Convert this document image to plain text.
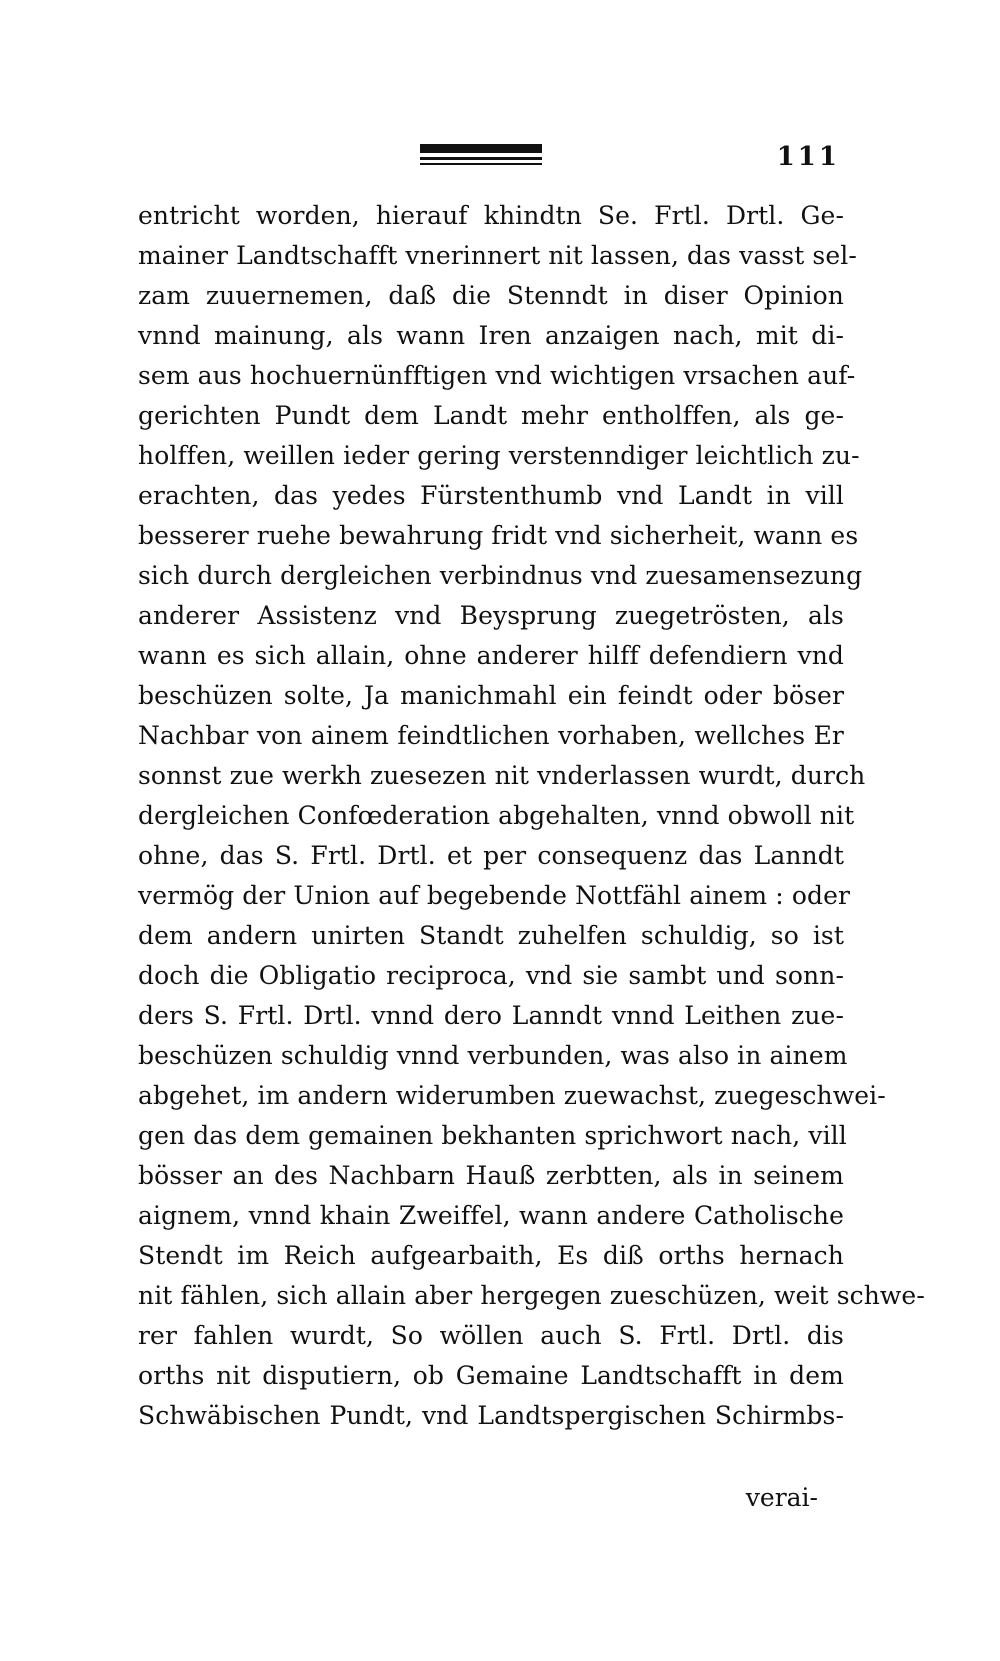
111
entricht worden, hierauf khindtn Se. Frtl. Drtl. Ge-
mainer Landtschafft vnerinnert nit lassen, das vasst sel-
zam zuuernemen, daß die Stenndt in diser Opinion
vnnd mainung, als wann Iren anzaigen nach, mit di-
sem aus hochuernünfftigen vnd wichtigen vrsachen auf-
gerichten Pundt dem Landt mehr entholffen, als ge-
holffen, weillen ieder gering verstenndiger leichtlich zu-
erachten, das yedes Fürstenthumb vnd Landt in vill
besserer ruehe bewahrung fridt vnd sicherheit, wann es
sich durch dergleichen verbindnus vnd zuesamensezung
anderer Assistenz vnd Beysprung zuegetrösten, als
wann es sich allain, ohne anderer hilff defendiern vnd
beschüzen solte, Ja manichmahl ein feindt oder böser
Nachbar von ainem feindtlichen vorhaben, wellches Er
sonnst zue werkh zuesezen nit vnderlassen wurdt, durch
dergleichen Confœderation abgehalten, vnnd obwoll nit
ohne, das S. Frtl. Drtl. et per consequenz das Lanndt
vermög der Union auf begebende Nottfähl ainem : oder
dem andern unirten Standt zuhelfen schuldig, so ist
doch die Obligatio reciproca, vnd sie sambt und sonn-
ders S. Frtl. Drtl. vnnd dero Lanndt vnnd Leithen zue-
beschüzen schuldig vnnd verbunden, was also in ainem
abgehet, im andern widerumben zuewachst, zuegeschwei-
gen das dem gemainen bekhanten sprichwort nach, vill
bösser an des Nachbarn Hauß zerbtten, als in seinem
aignem, vnnd khain Zweiffel, wann andere Catholische
Stendt im Reich aufgearbaith, Es diß orths hernach
nit fählen, sich allain aber hergegen zueschüzen, weit schwe-
rer fahlen wurdt, So wöllen auch S. Frtl. Drtl. dis
orths nit disputiern, ob Gemaine Landtschafft in dem
Schwäbischen Pundt, vnd Landtspergischen Schirmbs-
verai-
